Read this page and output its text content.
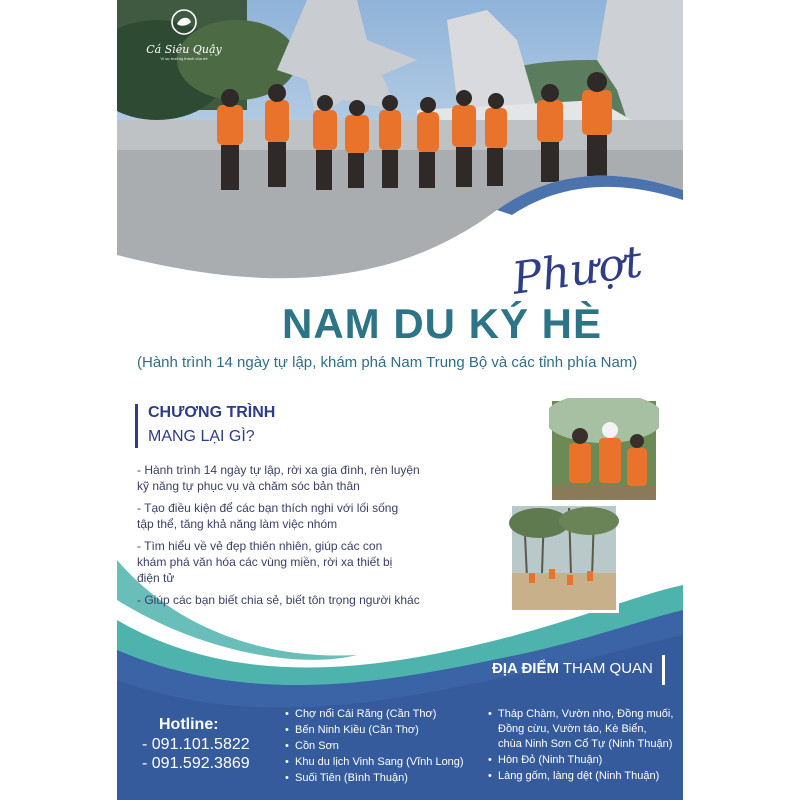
Cá Siêu Quậy
Vì sự trưởng thành của trẻ
Phượt
NAM DU KÝ HÈ
(Hành trình 14 ngày tự lập, khám phá Nam Trung Bộ và các tỉnh phía Nam)
CHƯƠNG TRÌNH
MANG LẠI GÌ?
- Hành trình 14 ngày tự lập, rời xa gia đình, rèn luyện
kỹ năng tự phục vụ và chăm sóc bản thân
- Tạo điều kiện để các bạn thích nghi với lối sống
tập thể, tăng khả năng làm việc nhóm
- Tìm hiểu về vẻ đẹp thiên nhiên, giúp các con
khám phá văn hóa các vùng miền, rời xa thiết bị
điện tử
- Giúp các bạn biết chia sẻ, biết tôn trọng người khác
ĐỊA ĐIỂM THAM QUAN
Hotline:
- 091.101.5822
- 091.592.3869
• Chợ nổi Cái Răng (Cần Thơ)
• Bến Ninh Kiều (Cần Thơ)
• Cồn Sơn
• Khu du lịch Vinh Sang (Vĩnh Long)
• Suối Tiên (Bình Thuận)
• Tháp Chàm, Vườn nho, Đồng muối,
Đồng cừu, Vườn táo, Kè Biển,
chùa Ninh Sơn Cổ Tự (Ninh Thuận)
• Hòn Đỏ (Ninh Thuận)
• Làng gốm, làng dệt (Ninh Thuận)
